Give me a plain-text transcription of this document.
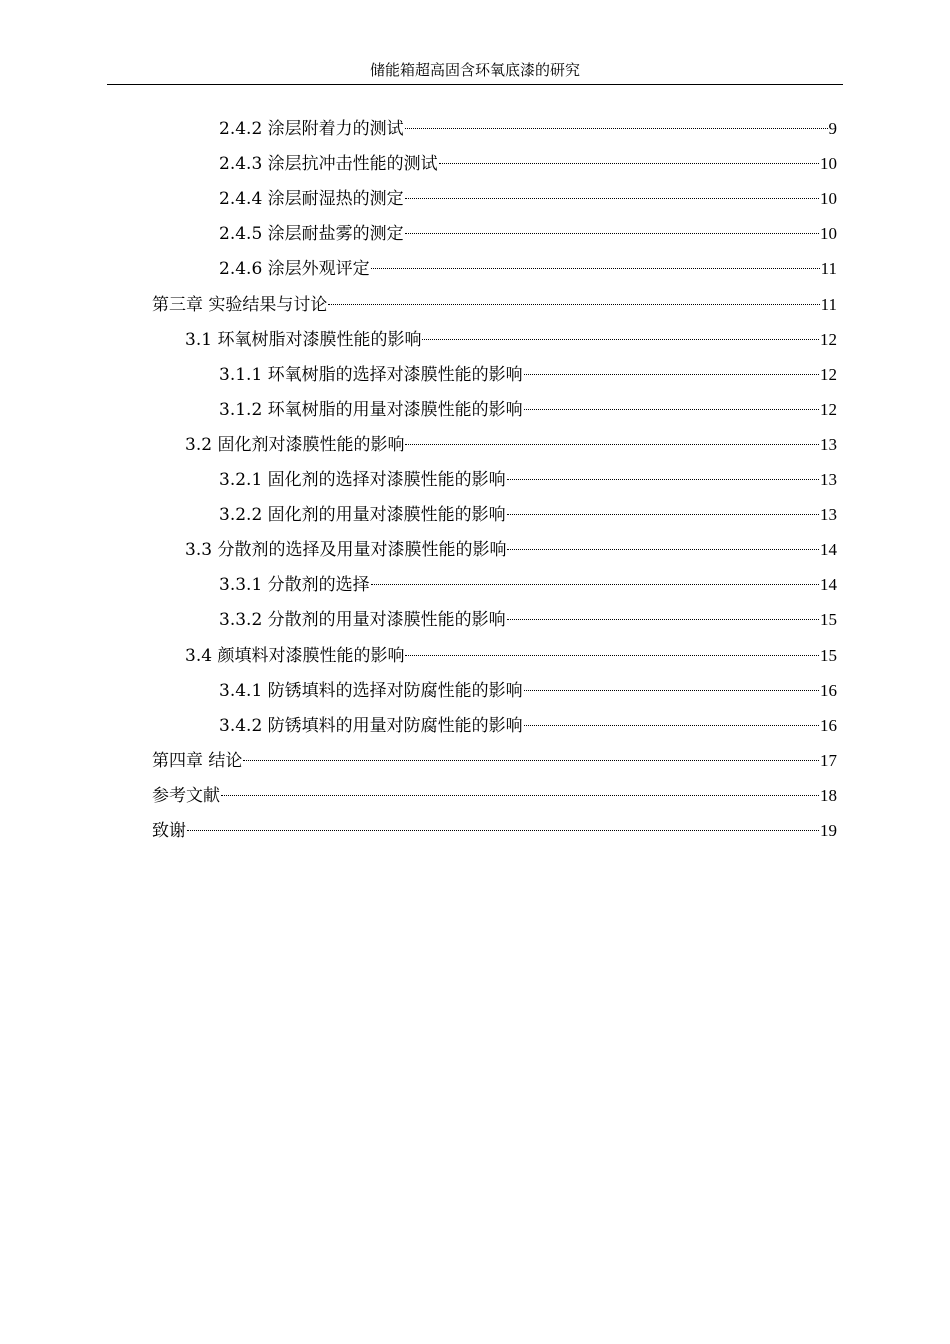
储能箱超高固含环氧底漆的研究
2.4.2 涂层附着力的测试	9
2.4.3 涂层抗冲击性能的测试	10
2.4.4 涂层耐湿热的测定	10
2.4.5 涂层耐盐雾的测定	10
2.4.6 涂层外观评定	11
第三章 实验结果与讨论	11
3.1 环氧树脂对漆膜性能的影响	12
3.1.1 环氧树脂的选择对漆膜性能的影响	12
3.1.2 环氧树脂的用量对漆膜性能的影响	12
3.2 固化剂对漆膜性能的影响	13
3.2.1 固化剂的选择对漆膜性能的影响	13
3.2.2 固化剂的用量对漆膜性能的影响	13
3.3 分散剂的选择及用量对漆膜性能的影响	14
3.3.1 分散剂的选择	14
3.3.2 分散剂的用量对漆膜性能的影响	15
3.4 颜填料对漆膜性能的影响	15
3.4.1 防锈填料的选择对防腐性能的影响	16
3.4.2 防锈填料的用量对防腐性能的影响	16
第四章 结论	17
参考文献	18
致谢	19
